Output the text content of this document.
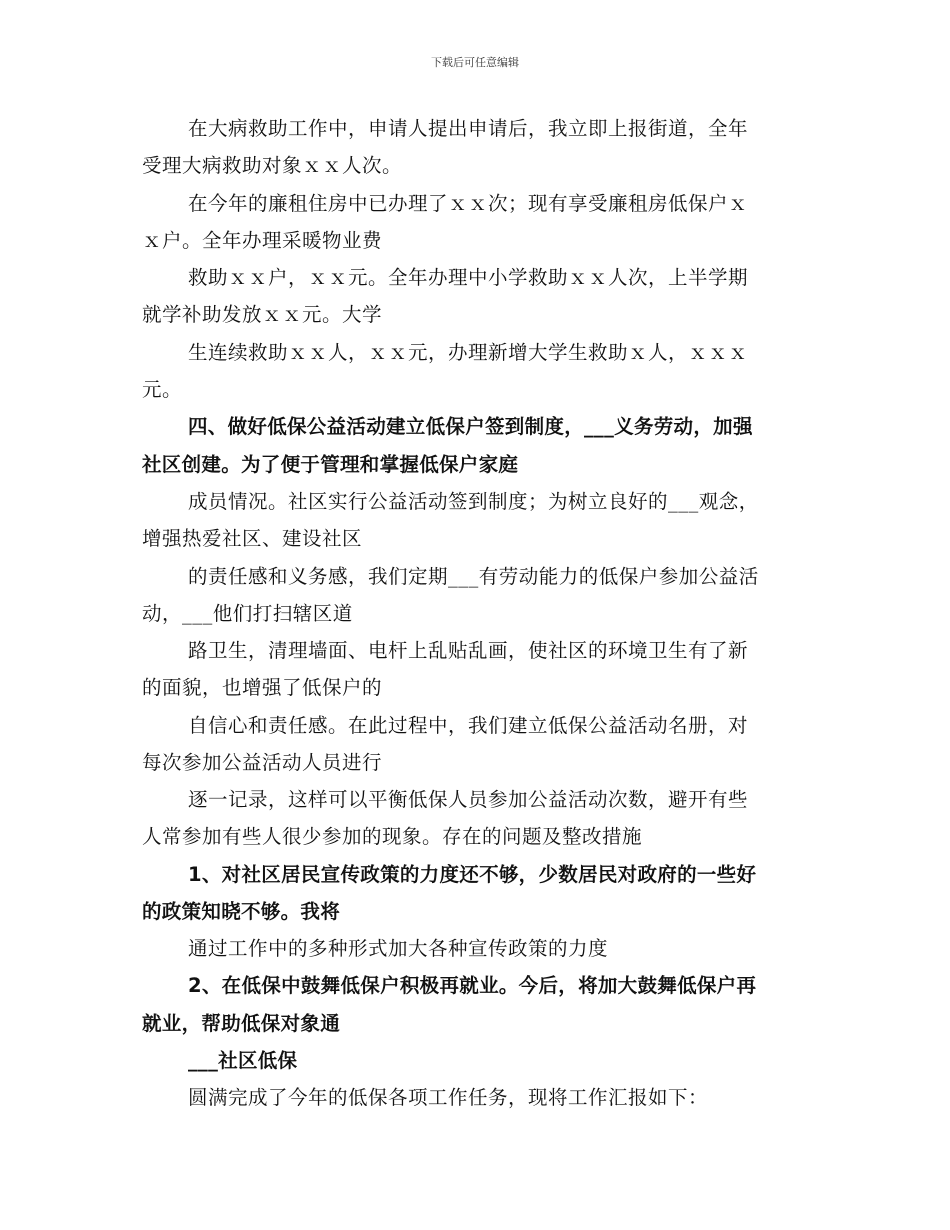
下载后可任意编辑
在大病救助工作中，申请人提出申请后，我立即上报街道，全年
受理大病救助对象ｘｘ人次。
在今年的廉租住房中已办理了ｘｘ次；现有享受廉租房低保户ｘ
ｘ户。全年办理采暖物业费
救助ｘｘ户，ｘｘ元。全年办理中小学救助ｘｘ人次，上半学期
就学补助发放ｘｘ元。大学
生连续救助ｘｘ人，ｘｘ元，办理新增大学生救助ｘ人，ｘｘｘ
元。
四、做好低保公益活动建立低保户签到制度，___义务劳动，加强
社区创建。为了便于管理和掌握低保户家庭
成员情况。社区实行公益活动签到制度；为树立良好的___观念，
增强热爱社区、建设社区
的责任感和义务感，我们定期___有劳动能力的低保户参加公益活
动，___他们打扫辖区道
路卫生，清理墙面、电杆上乱贴乱画，使社区的环境卫生有了新
的面貌，也增强了低保户的
自信心和责任感。在此过程中，我们建立低保公益活动名册，对
每次参加公益活动人员进行
逐一记录，这样可以平衡低保人员参加公益活动次数，避开有些
人常参加有些人很少参加的现象。存在的问题及整改措施
1、对社区居民宣传政策的力度还不够，少数居民对政府的一些好
的政策知晓不够。我将
通过工作中的多种形式加大各种宣传政策的力度
2、在低保中鼓舞低保户积极再就业。今后，将加大鼓舞低保户再
就业，帮助低保对象通
___社区低保
圆满完成了今年的低保各项工作任务，现将工作汇报如下：
